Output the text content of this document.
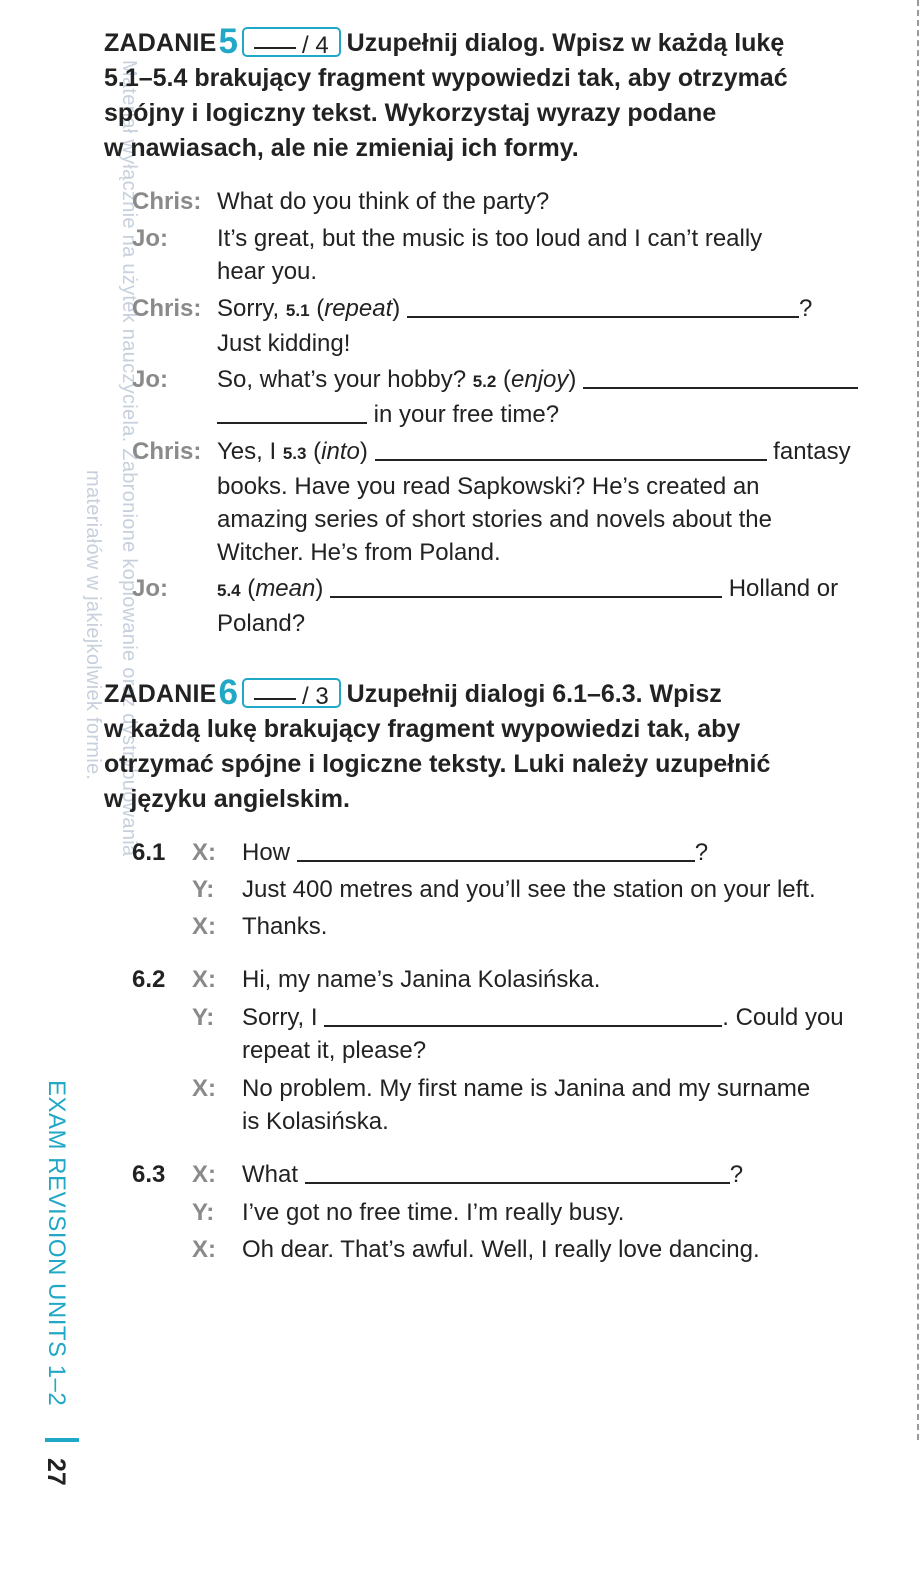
Materiał wyłącznie na użytek nauczyciela. Zabronione kopiowanie oraz dystrybuowania
materiałów w jakiejkolwiek formie.
ZADANIE5	/ 4 Uzupełnij dialog. Wpisz w każdą lukę
5.1–5.4 brakujący fragment wypowiedzi tak, aby otrzymać
spójny i logiczny tekst. Wykorzystaj wyrazy podane
w nawiasach, ale nie zmieniaj ich formy.
Chris: What do you think of the party?
Jo:	It’s great, but the music is too loud and I can’t really
hear you.
Chris: Sorry, 5.1 (repeat)	?
Just kidding!
Jo:	So, what’s your hobby? 5.2 (enjoy)
in your free time?
Chris: Yes, I 5.3 (into)	fantasy
books. Have you read Sapkowski? He’s created an
amazing series of short stories and novels about the
Witcher. He’s from Poland.
Jo:	5.4 (mean)	Holland or
Poland?
ZADANIE6	/ 3 Uzupełnij dialogi 6.1–6.3. Wpisz
w każdą lukę brakujący fragment wypowiedzi tak, aby
otrzymać spójne i logiczne teksty. Luki należy uzupełnić
w języku angielskim.
6.1 X:	How	?
Y:	Just 400 metres and you’ll see the station on your left.
X:	Thanks.
6.2 X:	Hi, my name’s Janina Kolasińska.
Y:	Sorry, I	. Could you
repeat it, please?
X:	No problem. My first name is Janina and my surname
is Kolasińska.
6.3 X:	What	?
Y:	I’ve got no free time. I’m really busy.
X:	Oh dear. That’s awful. Well, I really love dancing.
EXAM REVISION UNITS 1–2
27
